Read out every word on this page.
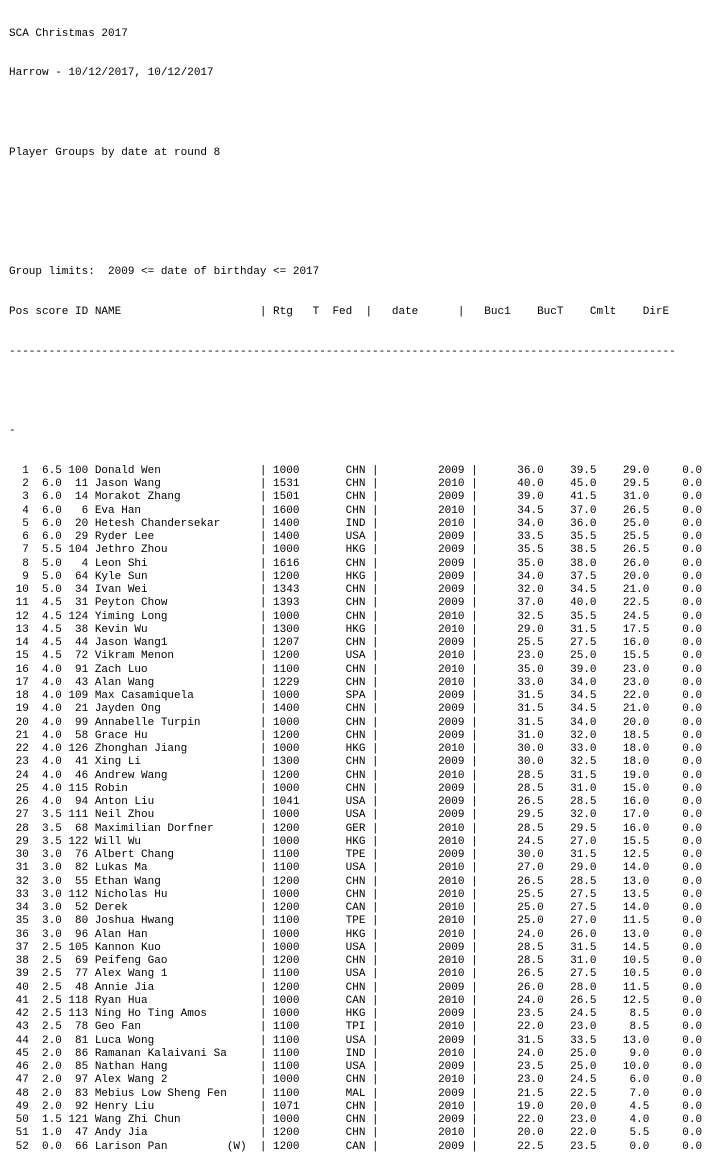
SCA Christmas 2017

Harrow - 10/12/2017, 10/12/2017

Player Groups by date at round 8

Group limits:  2009 <= date of birthday <= 2017

Pos score ID NAME                     | Rtg   T  Fed  |   date      |   Buc1    BucT    Cmlt    DirE

-----------------------------------------------------------------------------------------------------

-

1  6.5 100 Donald Wen               | 1000       CHN |         2009 |      36.0    39.5    29.0     0.0
2  6.0  11 Jason Wang               | 1531       CHN |         2010 |      40.0    45.0    29.5     0.0
3  6.0  14 Morakot Zhang            | 1501       CHN |         2009 |      39.0    41.5    31.0     0.0
4  6.0   6 Eva Han                  | 1600       CHN |         2010 |      34.5    37.0    26.5     0.0
5  6.0  20 Hetesh Chandersekar      | 1400       IND |         2010 |      34.0    36.0    25.0     0.0
6  6.0  29 Ryder Lee                | 1400       USA |         2009 |      33.5    35.5    25.5     0.0
7  5.5 104 Jethro Zhou              | 1000       HKG |         2009 |      35.5    38.5    26.5     0.0
8  5.0   4 Leon Shi                 | 1616       CHN |         2009 |      35.0    38.0    26.0     0.0
9  5.0  64 Kyle Sun                 | 1200       HKG |         2009 |      34.0    37.5    20.0     0.0
10  5.0  34 Ivan Wei                 | 1343       CHN |         2009 |      32.0    34.5    21.0     0.0
11  4.5  31 Peyton Chow              | 1393       CHN |         2009 |      37.0    40.0    22.5     0.0
12  4.5 124 Yiming Long              | 1000       CHN |         2010 |      32.5    35.5    24.5     0.0
13  4.5  38 Kevin Wu                 | 1300       HKG |         2010 |      29.0    31.5    17.5     0.0
14  4.5  44 Jason Wang1              | 1207       CHN |         2009 |      25.5    27.5    16.0     0.0
15  4.5  72 Vikram Menon             | 1200       USA |         2010 |      23.0    25.0    15.5     0.0
16  4.0  91 Zach Luo                 | 1100       CHN |         2010 |      35.0    39.0    23.0     0.0
17  4.0  43 Alan Wang                | 1229       CHN |         2010 |      33.0    34.0    23.0     0.0
18  4.0 109 Max Casamiquela          | 1000       SPA |         2009 |      31.5    34.5    22.0     0.0
19  4.0  21 Jayden Ong               | 1400       CHN |         2009 |      31.5    34.5    21.0     0.0
20  4.0  99 Annabelle Turpin         | 1000       CHN |         2009 |      31.5    34.0    20.0     0.0
21  4.0  58 Grace Hu                 | 1200       CHN |         2009 |      31.0    32.0    18.5     0.0
22  4.0 126 Zhonghan Jiang           | 1000       HKG |         2010 |      30.0    33.0    18.0     0.0
23  4.0  41 Xing Li                  | 1300       CHN |         2009 |      30.0    32.5    18.0     0.0
24  4.0  46 Andrew Wang              | 1200       CHN |         2010 |      28.5    31.5    19.0     0.0
25  4.0 115 Robin                    | 1000       CHN |         2009 |      28.5    31.0    15.0     0.0
26  4.0  94 Anton Liu                | 1041       USA |         2009 |      26.5    28.5    16.0     0.0
27  3.5 111 Neil Zhou                | 1000       USA |         2009 |      29.5    32.0    17.0     0.0
28  3.5  68 Maximilian Dorfner       | 1200       GER |         2010 |      28.5    29.5    16.0     0.0
29  3.5 122 Will Wu                  | 1000       HKG |         2010 |      24.5    27.0    15.5     0.0
30  3.0  76 Albert Chang             | 1100       TPE |         2009 |      30.0    31.5    12.5     0.0
31  3.0  82 Lukas Ma                 | 1100       USA |         2010 |      27.0    29.0    14.0     0.0
32  3.0  55 Ethan Wang               | 1200       CHN |         2010 |      26.5    28.5    13.0     0.0
33  3.0 112 Nicholas Hu              | 1000       CHN |         2010 |      25.5    27.5    13.5     0.0
34  3.0  52 Derek                    | 1200       CAN |         2010 |      25.0    27.5    14.0     0.0
35  3.0  80 Joshua Hwang             | 1100       TPE |         2010 |      25.0    27.0    11.5     0.0
36  3.0  96 Alan Han                 | 1000       HKG |         2010 |      24.0    26.0    13.0     0.0
37  2.5 105 Kannon Kuo               | 1000       USA |         2009 |      28.5    31.5    14.5     0.0
38  2.5  69 Peifeng Gao              | 1200       CHN |         2010 |      28.5    31.0    10.5     0.0
39  2.5  77 Alex Wang 1              | 1100       USA |         2010 |      26.5    27.5    10.5     0.0
40  2.5  48 Annie Jia                | 1200       CHN |         2009 |      26.0    28.0    11.5     0.0
41  2.5 118 Ryan Hua                 | 1000       CAN |         2010 |      24.0    26.5    12.5     0.0
42  2.5 113 Ning Ho Ting Amos        | 1000       HKG |         2009 |      23.5    24.5     8.5     0.0
43  2.5  78 Geo Fan                  | 1100       TPI |         2010 |      22.0    23.0     8.5     0.0
44  2.0  81 Luca Wong                | 1100       USA |         2009 |      31.5    33.5    13.0     0.0
45  2.0  86 Ramanan Kalaivani Sa     | 1100       IND |         2010 |      24.0    25.0     9.0     0.0
46  2.0  85 Nathan Hang              | 1100       USA |         2009 |      23.5    25.0    10.0     0.0
47  2.0  97 Alex Wang 2              | 1000       CHN |         2010 |      23.0    24.5     6.0     0.0
48  2.0  83 Mebius Low Sheng Fen     | 1100       MAL |         2009 |      21.5    22.5     7.0     0.0
49  2.0  92 Henry Liu                | 1071       CHN |         2010 |      19.0    20.0     4.5     0.0
50  1.5 121 Wang Zhi Chun            | 1000       CHN |         2009 |      22.0    23.0     4.0     0.0
51  1.0  47 Andy Jia                 | 1200       CHN |         2010 |      20.0    22.0     5.5     0.0
52  0.0  66 Larison Pan         (W)  | 1200       CAN |         2009 |      22.5    23.5     0.0     0.0
